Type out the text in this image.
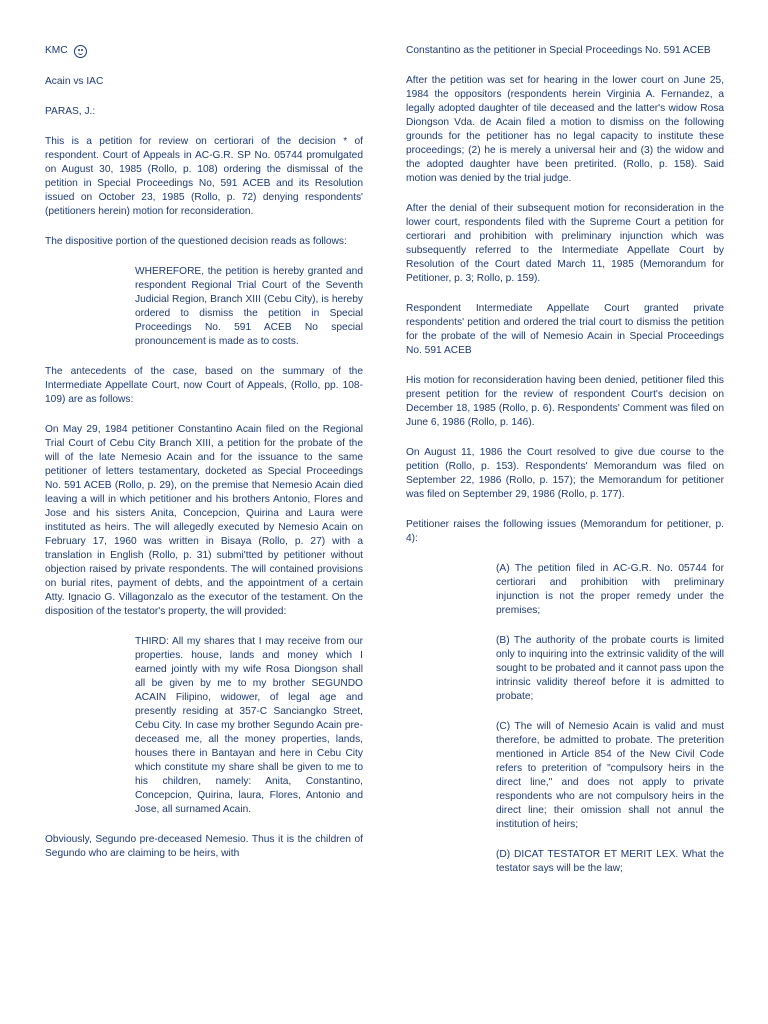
KMC

Acain vs IAC

PARAS, J.:

This is a petition for review on certiorari of the decision * of respondent. Court of Appeals in AC-G.R. SP No. 05744 promulgated on August 30, 1985 (Rollo, p. 108) ordering the dismissal of the petition in Special Proceedings No, 591 ACEB and its Resolution issued on October 23, 1985 (Rollo, p. 72) denying respondents' (petitioners herein) motion for reconsideration.

The dispositive portion of the questioned decision reads as follows:

WHEREFORE, the petition is hereby granted and respondent Regional Trial Court of the Seventh Judicial Region, Branch XIII (Cebu City), is hereby ordered to dismiss the petition in Special Proceedings No. 591 ACEB No special pronouncement is made as to costs.

The antecedents of the case, based on the summary of the Intermediate Appellate Court, now Court of Appeals, (Rollo, pp. 108-109) are as follows:

On May 29, 1984 petitioner Constantino Acain filed on the Regional Trial Court of Cebu City Branch XIII, a petition for the probate of the will of the late Nemesio Acain and for the issuance to the same petitioner of letters testamentary, docketed as Special Proceedings No. 591 ACEB (Rollo, p. 29), on the premise that Nemesio Acain died leaving a will in which petitioner and his brothers Antonio, Flores and Jose and his sisters Anita, Concepcion, Quirina and Laura were instituted as heirs. The will allegedly executed by Nemesio Acain on February 17, 1960 was written in Bisaya (Rollo, p. 27) with a translation in English (Rollo, p. 31) submi'tted by petitioner without objection raised by private respondents. The will contained provisions on burial rites, payment of debts, and the appointment of a certain Atty. Ignacio G. Villagonzalo as the executor of the testament. On the disposition of the testator's property, the will provided:

THIRD: All my shares that I may receive from our properties. house, lands and money which I earned jointly with my wife Rosa Diongson shall all be given by me to my brother SEGUNDO ACAIN Filipino, widower, of legal age and presently residing at 357-C Sanciangko Street, Cebu City. In case my brother Segundo Acain pre-deceased me, all the money properties, lands, houses there in Bantayan and here in Cebu City which constitute my share shall be given to me to his children, namely: Anita, Constantino, Concepcion, Quirina, laura, Flores, Antonio and Jose, all surnamed Acain.

Obviously, Segundo pre-deceased Nemesio. Thus it is the children of Segundo who are claiming to be heirs, with

Constantino as the petitioner in Special Proceedings No. 591 ACEB

After the petition was set for hearing in the lower court on June 25, 1984 the oppositors (respondents herein Virginia A. Fernandez, a legally adopted daughter of tile deceased and the latter's widow Rosa Diongson Vda. de Acain filed a motion to dismiss on the following grounds for the petitioner has no legal capacity to institute these proceedings; (2) he is merely a universal heir and (3) the widow and the adopted daughter have been pretirited. (Rollo, p. 158). Said motion was denied by the trial judge.

After the denial of their subsequent motion for reconsideration in the lower court, respondents filed with the Supreme Court a petition for certiorari and prohibition with preliminary injunction which was subsequently referred to the Intermediate Appellate Court by Resolution of the Court dated March 11, 1985 (Memorandum for Petitioner, p. 3; Rollo, p. 159).

Respondent Intermediate Appellate Court granted private respondents' petition and ordered the trial court to dismiss the petition for the probate of the will of Nemesio Acain in Special Proceedings No. 591 ACEB

His motion for reconsideration having been denied, petitioner filed this present petition for the review of respondent Court's decision on December 18, 1985 (Rollo, p. 6). Respondents' Comment was filed on June 6, 1986 (Rollo, p. 146).

On August 11, 1986 the Court resolved to give due course to the petition (Rollo, p. 153). Respondents' Memorandum was filed on September 22, 1986 (Rollo, p. 157); the Memorandum for petitioner was filed on September 29, 1986 (Rollo, p. 177).

Petitioner raises the following issues (Memorandum for petitioner, p. 4):

(A) The petition filed in AC-G.R. No. 05744 for certiorari and prohibition with preliminary injunction is not the proper remedy under the premises;

(B) The authority of the probate courts is limited only to inquiring into the extrinsic validity of the will sought to be probated and it cannot pass upon the intrinsic validity thereof before it is admitted to probate;

(C) The will of Nemesio Acain is valid and must therefore, be admitted to probate. The preterition mentioned in Article 854 of the New Civil Code refers to preterition of "compulsory heirs in the direct line," and does not apply to private respondents who are not compulsory heirs in the direct line; their omission shall not annul the institution of heirs;

(D) DICAT TESTATOR ET MERIT LEX. What the testator says will be the law;
